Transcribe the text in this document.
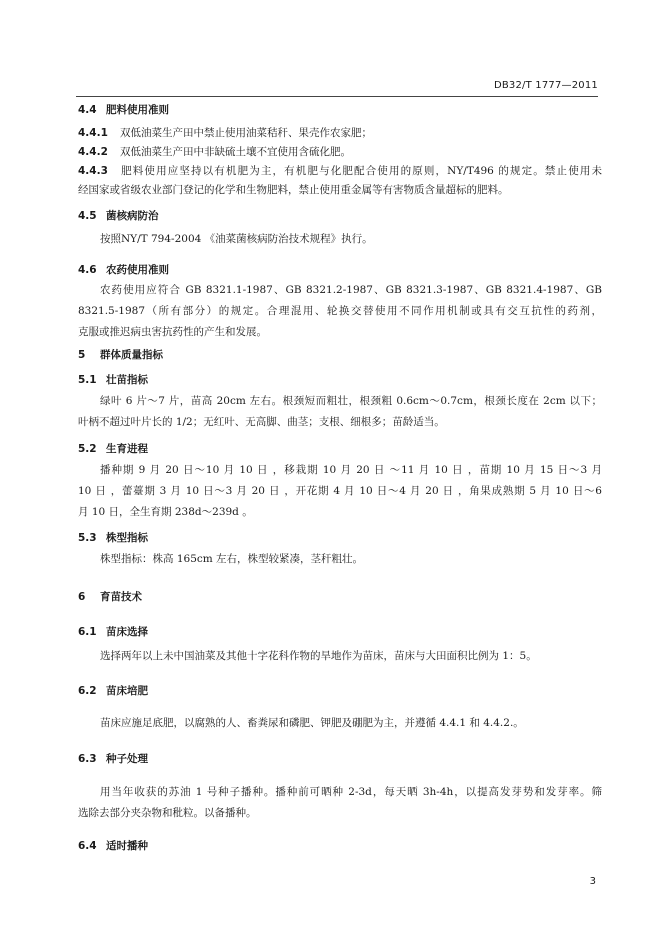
DB32/T 1777—2011
4.4 肥料使用准则
4.4.1 双低油菜生产田中禁止使用油菜秸秆、果壳作农家肥；
4.4.2 双低油菜生产田中非缺硫土壤不宜使用含硫化肥。
4.4.3 肥料使用应坚持以有机肥为主，有机肥与化肥配合使用的原则，NY/T496 的规定。禁止使用未
经国家或省级农业部门登记的化学和生物肥料，禁止使用重金属等有害物质含量超标的肥料。
4.5 菌核病防治
按照NY/T 794-2004 《油菜菌核病防治技术规程》执行。
4.6 农药使用准则
农药使用应符合 GB 8321.1-1987、GB 8321.2-1987、GB 8321.3-1987、GB 8321.4-1987、GB
8321.5-1987（所有部分）的规定。合理混用、轮换交替使用不同作用机制或具有交互抗性的药剂，
克服或推迟病虫害抗药性的产生和发展。
5 群体质量指标
5.1 壮苗指标
绿叶 6 片～7 片，苗高 20cm 左右。根颈短而粗壮，根颈粗 0.6cm～0.7cm，根颈长度在 2cm 以下；
叶柄不超过叶片长的 1/2；无红叶、无高脚、曲茎；支根、细根多；苗龄适当。
5.2 生育进程
播种期 9 月 20 日～10 月 10 日 ，移栽期 10 月 20 日 ～11 月 10 日 ，苗期 10 月 15 日～3 月
10 日 ，蕾薹期 3 月 10 日～3 月 20 日 ，开花期 4 月 10 日～4 月 20 日 ，角果成熟期 5 月 10 日～6
月 10 日，全生育期 238d～239d 。
5.3 株型指标
株型指标：株高 165cm 左右，株型较紧凑，茎秆粗壮。
6 育苗技术
6.1 苗床选择
选择两年以上未中国油菜及其他十字花科作物的旱地作为苗床，苗床与大田面积比例为 1：5。
6.2 苗床培肥
苗床应施足底肥，以腐熟的人、畜粪尿和磷肥、钾肥及硼肥为主，并遵循 4.4.1 和 4.4.2.。
6.3 种子处理
用当年收获的苏油 1 号种子播种。播种前可晒种 2-3d，每天晒 3h-4h，以提高发芽势和发芽率。筛
选除去部分夹杂物和秕粒。以备播种。
6.4 适时播种
3
